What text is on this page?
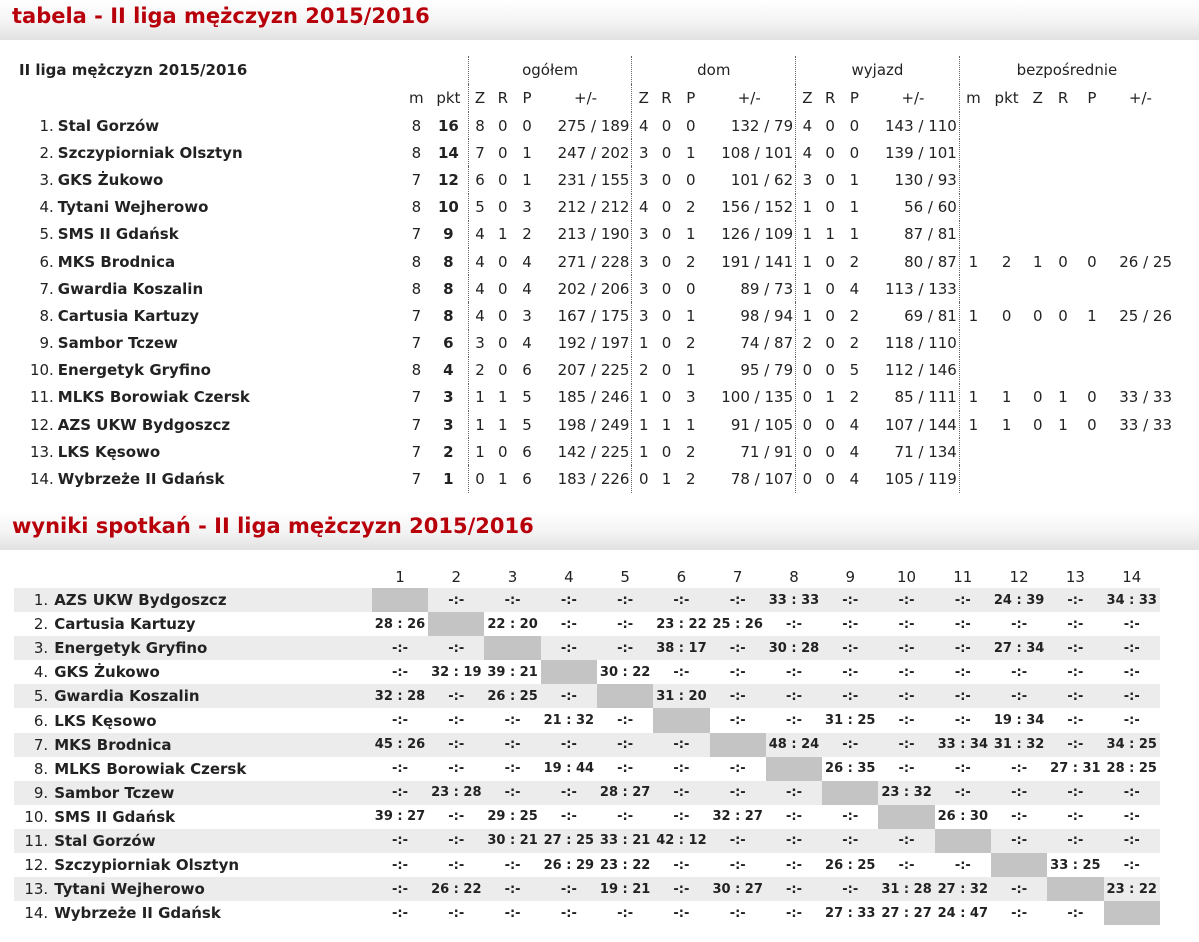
tabela - II liga mężczyzn 2015/2016
II liga mężczyzn 2015/2016				ogółem				dom				wyjazd				bezpośrednie					
		m	pkt	Z	R	P	+/-	Z	R	P	+/-	Z	R	P	+/-	m	pkt	Z	R	P	+/-
1.	Stal Gorzów	8	16	8	0	0	275 / 189	4	0	0	132 / 79	4	0	0	143 / 110						
2.	Szczypiorniak Olsztyn	8	14	7	0	1	247 / 202	3	0	1	108 / 101	4	0	0	139 / 101						
3.	GKS Żukowo	7	12	6	0	1	231 / 155	3	0	0	101 / 62	3	0	1	130 / 93						
4.	Tytani Wejherowo	8	10	5	0	3	212 / 212	4	0	2	156 / 152	1	0	1	56 / 60						
5.	SMS II Gdańsk	7	9	4	1	2	213 / 190	3	0	1	126 / 109	1	1	1	87 / 81						
6.	MKS Brodnica	8	8	4	0	4	271 / 228	3	0	2	191 / 141	1	0	2	80 / 87	1	2	1	0	0	26 / 25
7.	Gwardia Koszalin	8	8	4	0	4	202 / 206	3	0	0	89 / 73	1	0	4	113 / 133						
8.	Cartusia Kartuzy	7	8	4	0	3	167 / 175	3	0	1	98 / 94	1	0	2	69 / 81	1	0	0	0	1	25 / 26
9.	Sambor Tczew	7	6	3	0	4	192 / 197	1	0	2	74 / 87	2	0	2	118 / 110						
10.	Energetyk Gryfino	8	4	2	0	6	207 / 225	2	0	1	95 / 79	0	0	5	112 / 146						
11.	MLKS Borowiak Czersk	7	3	1	1	5	185 / 246	1	0	3	100 / 135	0	1	2	85 / 111	1	1	0	1	0	33 / 33
12.	AZS UKW Bydgoszcz	7	3	1	1	5	198 / 249	1	1	1	91 / 105	0	0	4	107 / 144	1	1	0	1	0	33 / 33
13.	LKS Kęsowo	7	2	1	0	6	142 / 225	1	0	2	71 / 91	0	0	4	71 / 134						
14.	Wybrzeże II Gdańsk	7	1	0	1	6	183 / 226	0	1	2	78 / 107	0	0	4	105 / 119						
wyniki spotkań - II liga mężczyzn 2015/2016
		1	2	3	4	5	6	7	8	9	10	11	12	13	14
1.	AZS UKW Bydgoszcz		-:-	-:-	-:-	-:-	-:-	-:-	33 : 33	-:-	-:-	-:-	24 : 39	-:-	34 : 33
2.	Cartusia Kartuzy	28 : 26		22 : 20	-:-	-:-	23 : 22	25 : 26	-:-	-:-	-:-	-:-	-:-	-:-	-:-
3.	Energetyk Gryfino	-:-	-:-		-:-	-:-	38 : 17	-:-	30 : 28	-:-	-:-	-:-	27 : 34	-:-	-:-
4.	GKS Żukowo	-:-	32 : 19	39 : 21		30 : 22	-:-	-:-	-:-	-:-	-:-	-:-	-:-	-:-	-:-
5.	Gwardia Koszalin	32 : 28	-:-	26 : 25	-:-		31 : 20	-:-	-:-	-:-	-:-	-:-	-:-	-:-	-:-
6.	LKS Kęsowo	-:-	-:-	-:-	21 : 32	-:-		-:-	-:-	31 : 25	-:-	-:-	19 : 34	-:-	-:-
7.	MKS Brodnica	45 : 26	-:-	-:-	-:-	-:-	-:-		48 : 24	-:-	-:-	33 : 34	31 : 32	-:-	34 : 25
8.	MLKS Borowiak Czersk	-:-	-:-	-:-	19 : 44	-:-	-:-	-:-		26 : 35	-:-	-:-	-:-	27 : 31	28 : 25
9.	Sambor Tczew	-:-	23 : 28	-:-	-:-	28 : 27	-:-	-:-	-:-		23 : 32	-:-	-:-	-:-	-:-
10.	SMS II Gdańsk	39 : 27	-:-	29 : 25	-:-	-:-	-:-	32 : 27	-:-	-:-		26 : 30	-:-	-:-	-:-
11.	Stal Gorzów	-:-	-:-	30 : 21	27 : 25	33 : 21	42 : 12	-:-	-:-	-:-	-:-		-:-	-:-	-:-
12.	Szczypiorniak Olsztyn	-:-	-:-	-:-	26 : 29	23 : 22	-:-	-:-	-:-	26 : 25	-:-	-:-		33 : 25	-:-
13.	Tytani Wejherowo	-:-	26 : 22	-:-	-:-	19 : 21	-:-	30 : 27	-:-	-:-	31 : 28	27 : 32	-:-		23 : 22
14.	Wybrzeże II Gdańsk	-:-	-:-	-:-	-:-	-:-	-:-	-:-	-:-	27 : 33	27 : 27	24 : 47	-:-	-:-	
